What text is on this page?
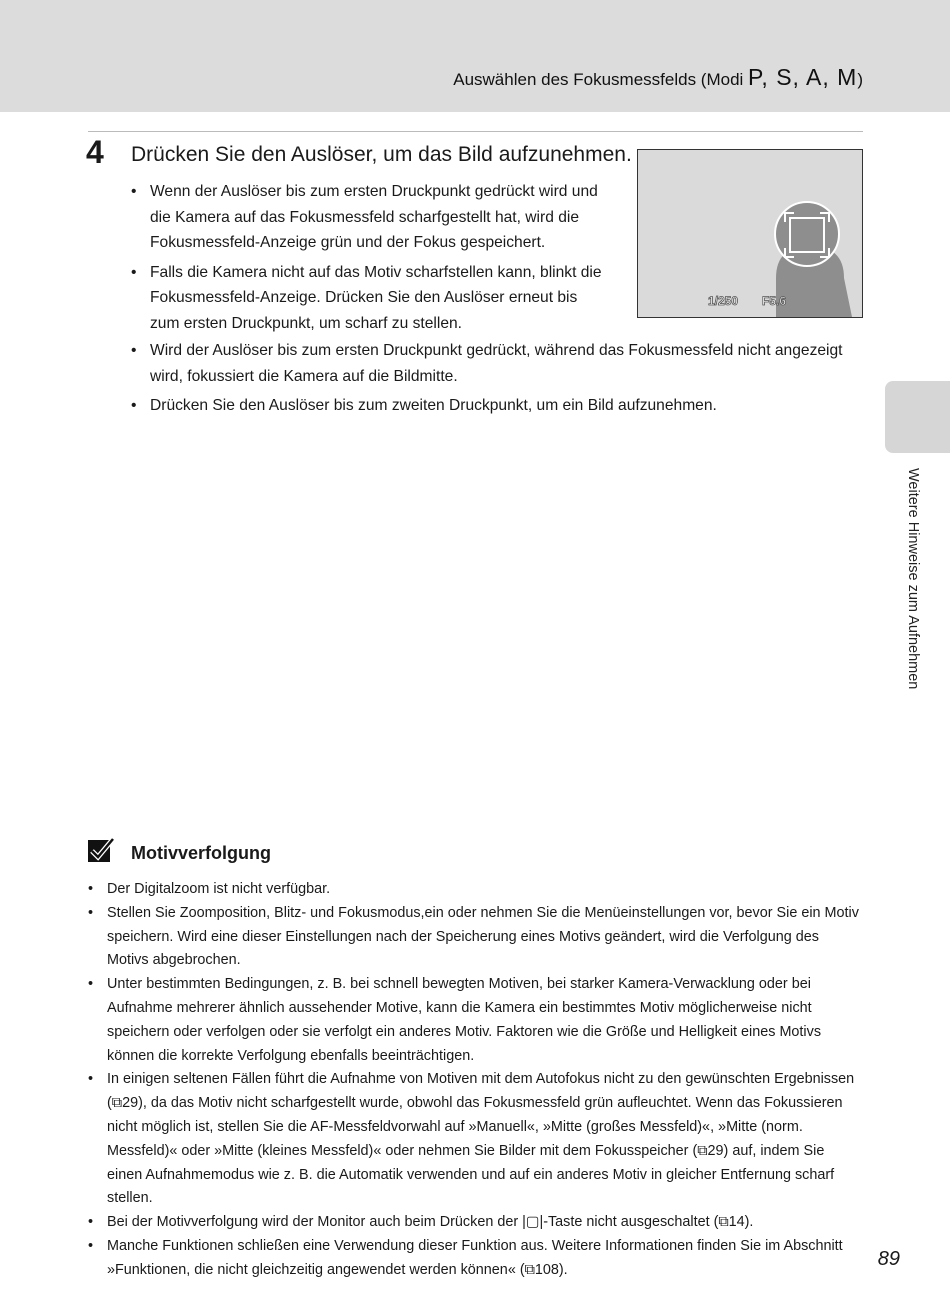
Auswählen des Fokusmessfelds (Modi P, S, A, M)
4 Drücken Sie den Auslöser, um das Bild aufzunehmen.
• Wenn der Auslöser bis zum ersten Druckpunkt gedrückt wird und die Kamera auf das Fokusmessfeld scharfgestellt hat, wird die Fokusmessfeld-Anzeige grün und der Fokus gespeichert.
• Falls die Kamera nicht auf das Motiv scharfstellen kann, blinkt die Fokusmessfeld-Anzeige. Drücken Sie den Auslöser erneut bis zum ersten Druckpunkt, um scharf zu stellen.
• Wird der Auslöser bis zum ersten Druckpunkt gedrückt, während das Fokusmessfeld nicht angezeigt wird, fokussiert die Kamera auf die Bildmitte.
• Drücken Sie den Auslöser bis zum zweiten Druckpunkt, um ein Bild aufzunehmen.
1/250 F5.6
Weitere Hinweise zum Aufnehmen
Motivverfolgung
• Der Digitalzoom ist nicht verfügbar.
• Stellen Sie Zoomposition, Blitz- und Fokusmodus,ein oder nehmen Sie die Menüeinstellungen vor, bevor Sie ein Motiv speichern. Wird eine dieser Einstellungen nach der Speicherung eines Motivs geändert, wird die Verfolgung des Motivs abgebrochen.
• Unter bestimmten Bedingungen, z. B. bei schnell bewegten Motiven, bei starker Kamera-Verwacklung oder bei Aufnahme mehrerer ähnlich aussehender Motive, kann die Kamera ein bestimmtes Motiv möglicherweise nicht speichern oder verfolgen oder sie verfolgt ein anderes Motiv. Faktoren wie die Größe und Helligkeit eines Motivs können die korrekte Verfolgung ebenfalls beeinträchtigen.
• In einigen seltenen Fällen führt die Aufnahme von Motiven mit dem Autofokus nicht zu den gewünschten Ergebnissen (⧉29), da das Motiv nicht scharfgestellt wurde, obwohl das Fokusmessfeld grün aufleuchtet. Wenn das Fokussieren nicht möglich ist, stellen Sie die AF-Messfeldvorwahl auf »Manuell«, »Mitte (großes Messfeld)«, »Mitte (norm. Messfeld)« oder »Mitte (kleines Messfeld)« oder nehmen Sie Bilder mit dem Fokusspeicher (⧉29) auf, indem Sie einen Aufnahmemodus wie z. B. die Automatik verwenden und auf ein anderes Motiv in gleicher Entfernung scharf stellen.
• Bei der Motivverfolgung wird der Monitor auch beim Drücken der |▢|-Taste nicht ausgeschaltet (⧉14).
• Manche Funktionen schließen eine Verwendung dieser Funktion aus. Weitere Informationen finden Sie im Abschnitt »Funktionen, die nicht gleichzeitig angewendet werden können« (⧉108).	89
